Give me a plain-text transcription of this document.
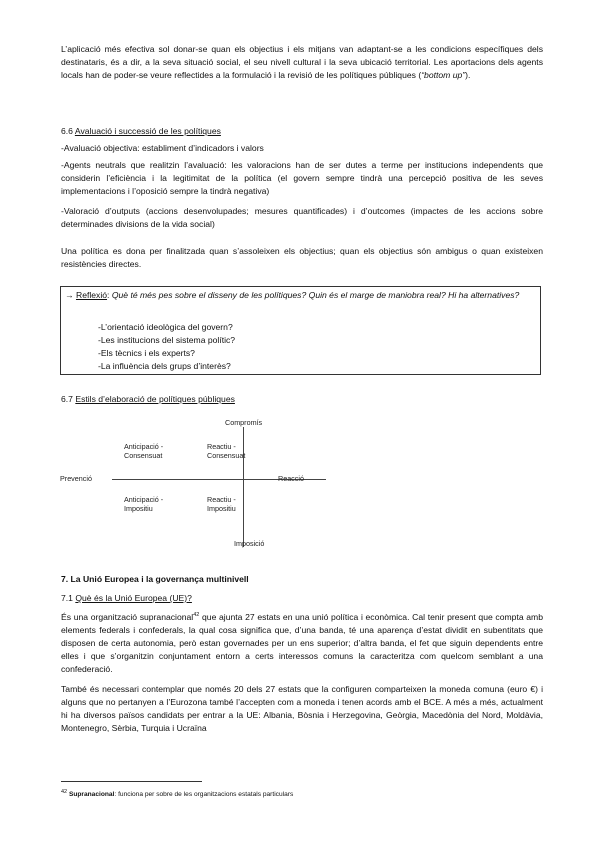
L’aplicació més efectiva sol donar-se quan els objectius i els mitjans van adaptant-se a les condicions específiques dels destinataris, és a dir, a la seva situació social, el seu nivell cultural i la seva ubicació territorial. Les aportacions dels agents locals han de poder-se veure reflectides a la formulació i la revisió de les polítiques públiques (“bottom up”).
6.6 Avaluació i successió de les polítiques
-Avaluació objectiva: establiment d’indicadors i valors
-Agents neutrals que realitzin l’avaluació: les valoracions han de ser dutes a terme per institucions independents que considerin l’eficiència i la legitimitat de la política (el govern sempre tindrà una percepció positiva de les seves implementacions i l’oposició sempre la tindrà negativa)
-Valoració d’outputs (accions desenvolupades; mesures quantificades) i d’outcomes (impactes de les accions sobre determinades divisions de la vida social)
Una política es dona per finalitzada quan s’assoleixen els objectius; quan els objectius són ambigus o quan existeixen resistències directes.
→ Reflexió: Què té més pes sobre el disseny de les polítiques? Quin és el marge de maniobra real? Hi ha alternatives?
-L’orientació ideològica del govern?
-Les institucions del sistema polític?
-Els tècnics i els experts?
-La influència dels grups d’interès?
6.7 Estils d’elaboració de polítiques públiques
Compromís
Imposició
Prevenció	Reacció
Anticipació -
Consensuat
Reactiu -
Consensuat
Anticipació -
Impositiu
Reactiu -
Impositiu
7. La Unió Europea i la governança multinivell
7.1 Què és la Unió Europea (UE)?
És una organització supranacional$^{42}$ que ajunta 27 estats en una unió política i econòmica. Cal tenir present que compta amb elements federals i confederals, la qual cosa significa que, d’una banda, té una aparença d’estat dividit en subentitats que disposen de certa autonomia, però estan governades per un ens superior; d’altra banda, el fet que siguin dependents entre elles i que s’organitzin conjuntament entorn a certs interessos comuns la caracteritza com quelcom semblant a una confederació.
També és necessari contemplar que només 20 dels 27 estats que la configuren comparteixen la moneda comuna (euro €) i alguns que no pertanyen a l’Eurozona també l’accepten com a moneda i tenen acords amb el BCE. A més a més, actualment hi ha diversos països candidats per entrar a la UE: Albania, Bòsnia i Herzegovina, Geòrgia, Macedònia del Nord, Moldàvia, Montenegro, Sèrbia, Turquia i Ucraïna
$^{42}$ Supranacional: funciona per sobre de les organitzacions estatals particulars
